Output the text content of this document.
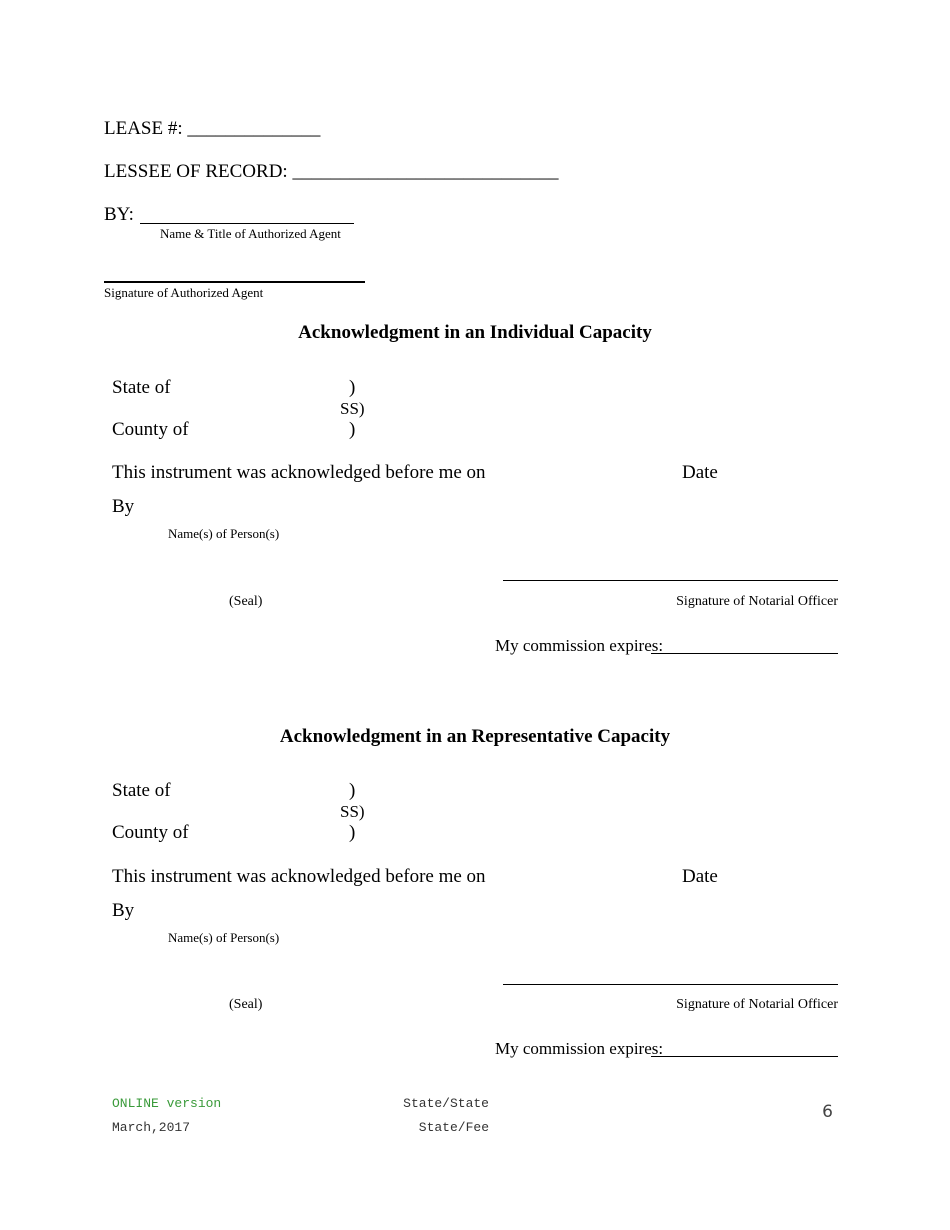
LEASE #: ______________
LESSEE OF RECORD: ____________________________
BY:
Name & Title of Authorized Agent
Signature of Authorized Agent
Acknowledgment in an Individual Capacity
State of	)
SS)
County of	)
This instrument was acknowledged before me on	Date
By
Name(s) of Person(s)
(Seal)	Signature of Notarial Officer
My commission expires:
Acknowledgment in an Representative Capacity
State of	)
SS)
County of	)
This instrument was acknowledged before me on	Date
By
Name(s) of Person(s)
(Seal)	Signature of Notarial Officer
My commission expires:
ONLINE version
March,2017
State/State
State/Fee
6
